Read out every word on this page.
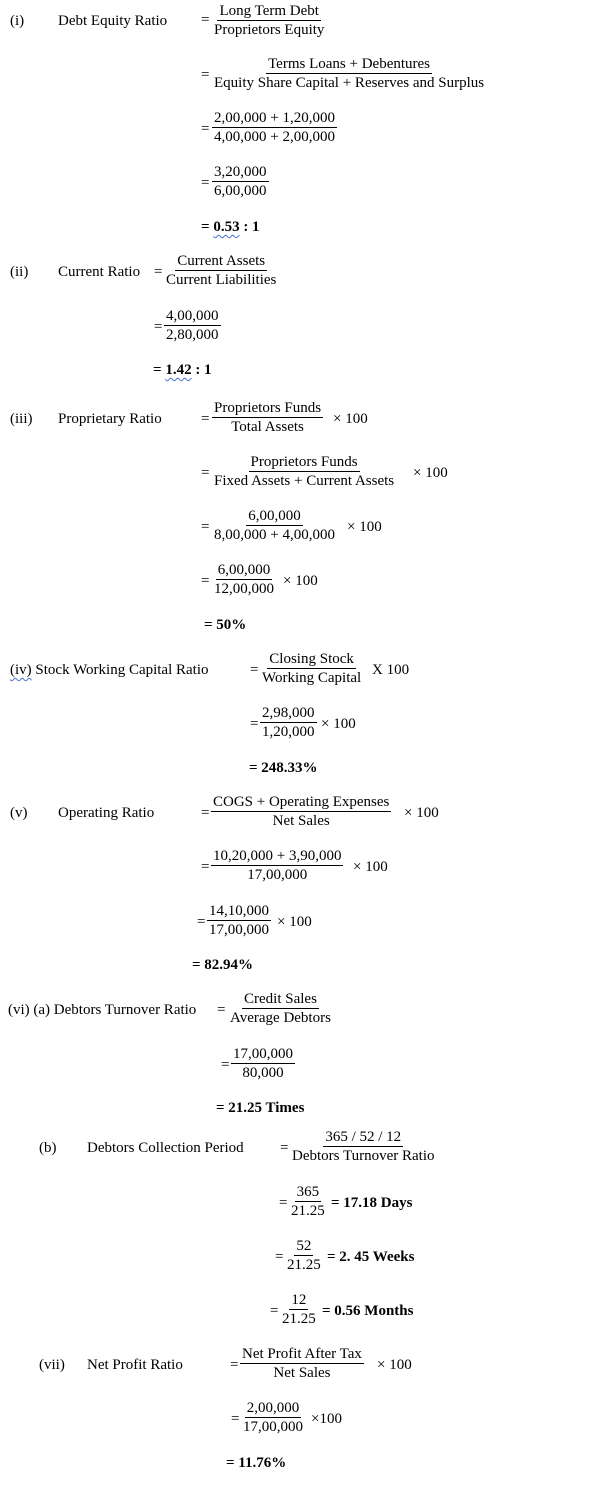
(i) Debt Equity Ratio =
Long Term Debt
Proprietors Equity
=
Terms Loans + Debentures
Equity Share Capital + Reserves and Surplus
= $\frac{2,00,000 + 1,20,000}{4,00,000 + 2,00,000}$
= $\frac{3,20,000}{6,00,000}$
= 0.53 : 1
(ii) Current Ratio =
Current Assets
Current Liabilities
= $\frac{4,00,000}{2,80,000}$
= 1.42 : 1
(iii) Proprietary Ratio	=
Proprietors Funds
Total Assets × 100
=
Proprietors Funds
Fixed Assets + Current Assets × 100
= $\frac{6,00,000}{8,00,000 + 4,00,000} \times 100$
= $\frac{6,00,000}{12,00,000} \times 100$
= 50%
(iv) Stock Working Capital Ratio	=
Closing Stock
Working Capital X 100
= $\frac{2,98,000}{1,20,000} \times 100$
= 248.33%
(v) Operating Ratio	=
COGS + Operating Expenses
Net Sales	× 100
= $\frac{10,20,000 + 3,90,000}{17,00,000} \times 100$
= $\frac{14,10,000}{17,00,000} \times 100$
= 82.94%
(vi) (a) Debtors Turnover Ratio =
Credit Sales
Average Debtors
= $\frac{17,00,000}{80,000}$
= 21.25 Times
(b) Debtors Collection Period =
365 / 52 / 12
Debtors Turnover Ratio
= $\frac{365}{21.25} = 17.18$ Days
= $\frac{52}{21.25} = 2$. 45 Weeks
= $\frac{12}{21.25} = 0.56$ Months
(vii) Net Profit Ratio	=
Net Profit After Tax
Net Sales	× 100
= $\frac{2,00,000}{17,00,000} \times 100$
= 11.76%
